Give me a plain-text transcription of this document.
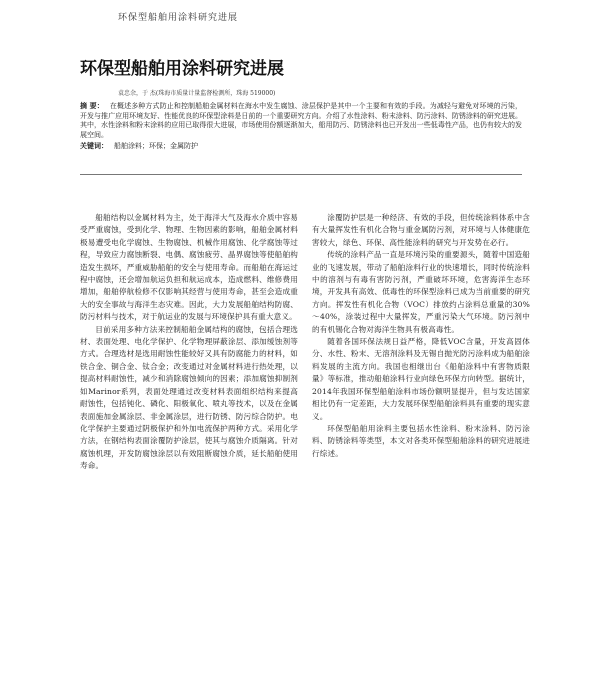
环保型船舶用涂料研究进展
环保型船舶用涂料研究进展
袁忠余，于 杰(珠海市质量计量监督检测所，珠海 519000)
摘 要： 在概述多种方式防止和控制船舶金属材料在海水中发生腐蚀、涂层保护是其中一个主要和有效的手段。为减轻与避免对环境的污染，开发与推广应用环境友好、性能优良的环保型涂料是日前的一个重要研究方向。介绍了水性涂料、粉末涂料、防污涂料、防锈涂料的研究进展。其中，水性涂料和粉末涂料的应用已取得很大进展，市场使用份额逐渐加大，船用防污、防锈涂料也已开发出一些低毒性产品，也仍有较大的发展空间。
关键词： 船舶涂料；环保；金属防护

船舶结构以金属材料为主，处于海洋大气及海水介质中容易受严重腐蚀，受到化学、物理、生物因素的影响，船舶金属材料极易遭受电化学腐蚀、生物腐蚀、机械作用腐蚀、化学腐蚀等过程，导致应力腐蚀断裂、电偶、腐蚀疲劳、晶界腐蚀等使船舶构造发生损坏，严重威胁船舶的安全与使用寿命。而船舶在海运过程中腐蚀，还会增加航运负担和航运成本，造成燃料、维修费用增加，船舶停航检修不仅影响其经营与使用寿命，甚至会造成重大的安全事故与海洋生态灾难。因此，大力发展船舶结构防腐、防污材料与技术，对于航运业的发展与环境保护具有重大意义。

目前采用多种方法来控制船舶金属结构的腐蚀，包括合理选材、表面处理、电化学保护、化学物理屏蔽涂层、添加缓蚀剂等方式。合理选材是选用耐蚀性能较好又具有防腐能力的材料，如铁合金、铜合金、钛合金；改变通过对金属材料进行热处理，以提高材料耐蚀性，减少和消除腐蚀倾向的因素；添加腐蚀抑制剂如Marinor系列，表面处理通过改变材料表面组织结构来提高耐蚀性，包括钝化、磷化、阳极氧化、喷丸等技术，以及在金属表面施加金属涂层、非金属涂层，进行防锈、防污综合防护。电化学保护主要通过阴极保护和外加电流保护两种方式。采用化学方法，在钢结构表面涂覆防护涂层，使其与腐蚀介质隔离。针对腐蚀机理，开发防腐蚀涂层以有效阻断腐蚀介质，延长船舶使用寿命。

涂覆防护层是一种经济、有效的手段，但传统涂料体系中含有大量挥发性有机化合物与重金属防污剂，对环境与人体健康危害较大，绿色、环保、高性能涂料的研究与开发势在必行。

传统的涂料产品一直是环境污染的重要源头，随着中国造船业的飞速发展，带动了船舶涂料行业的快速增长，同时传统涂料中的溶剂与有毒有害防污剂，严重破坏环境，危害海洋生态环境，开发具有高效、低毒性的环保型涂料已成为当前重要的研究方向。挥发性有机化合物（VOC）排放约占涂料总重量的30%～40%，涂装过程中大量挥发，严重污染大气环境。防污剂中的有机锡化合物对海洋生物具有极高毒性。

随着各国环保法规日益严格，降低VOC含量，开发高固体分、水性、粉末、无溶剂涂料及无锡自抛光防污涂料成为船舶涂料发展的主流方向。我国也相继出台《船舶涂料中有害物质限量》等标准，推动船舶涂料行业向绿色环保方向转型。据统计，2014年我国环保型船舶涂料市场份额明显提升，但与发达国家相比仍有一定差距，大力发展环保型船舶涂料具有重要的现实意义。

环保型船舶用涂料主要包括水性涂料、粉末涂料、防污涂料、防锈涂料等类型，本文对各类环保型船舶涂料的研究进展进行综述。
